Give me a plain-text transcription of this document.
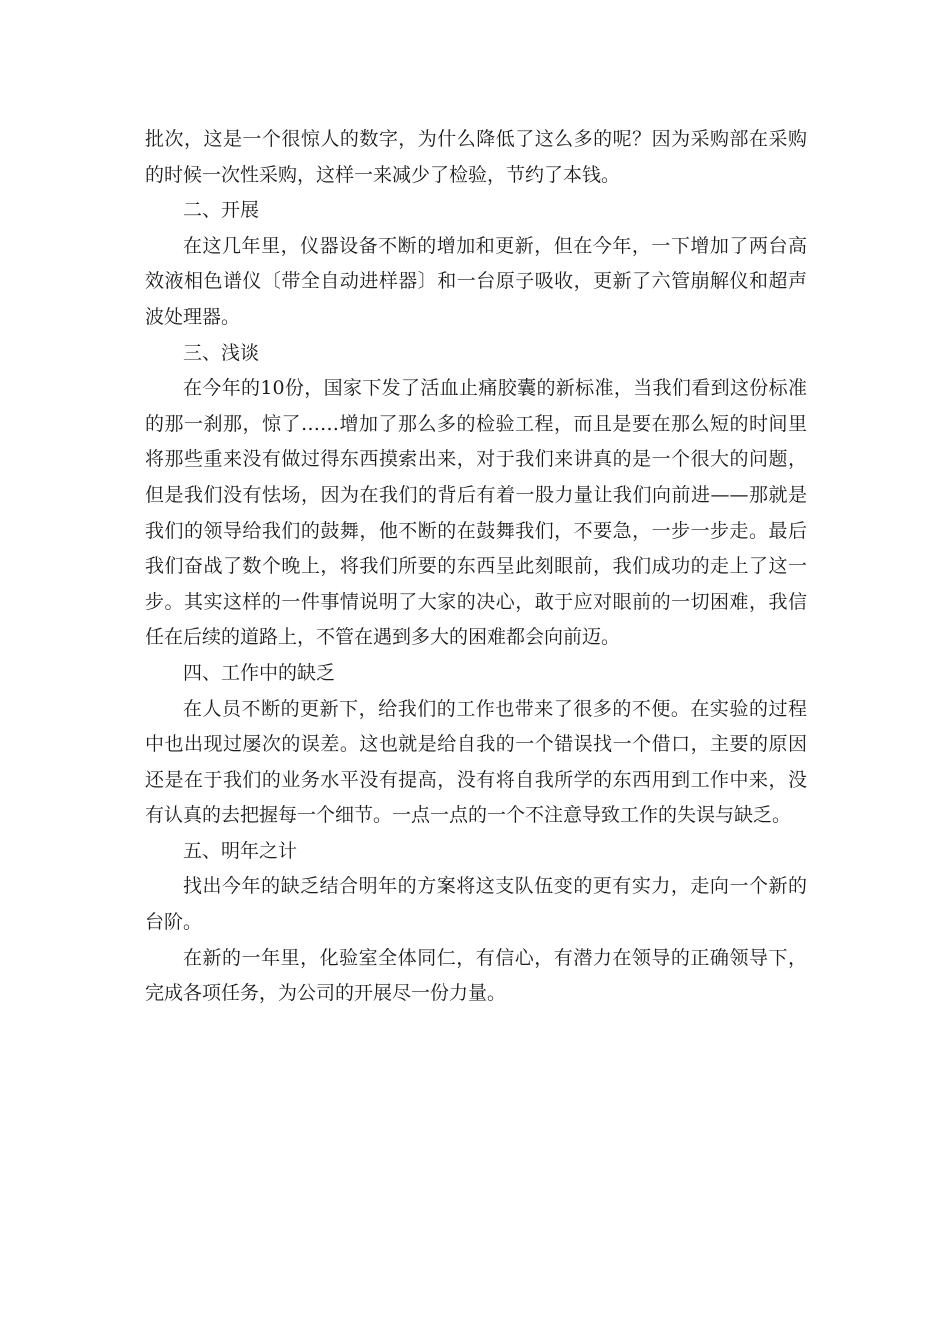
批次，这是一个很惊人的数字，为什么降低了这么多的呢？因为采购部在采购的时候一次性采购，这样一来减少了检验，节约了本钱。

二、开展

在这几年里，仪器设备不断的增加和更新，但在今年，一下增加了两台高效液相色谱仪〔带全自动进样器〕和一台原子吸收，更新了六管崩解仪和超声波处理器。

三、浅谈

在今年的10份，国家下发了活血止痛胶囊的新标准，当我们看到这份标准的那一刹那，惊了……增加了那么多的检验工程，而且是要在那么短的时间里将那些重来没有做过得东西摸索出来，对于我们来讲真的是一个很大的问题，但是我们没有怯场，因为在我们的背后有着一股力量让我们向前进——那就是我们的领导给我们的鼓舞，他不断的在鼓舞我们，不要急，一步一步走。最后我们奋战了数个晚上，将我们所要的东西呈此刻眼前，我们成功的走上了这一步。其实这样的一件事情说明了大家的决心，敢于应对眼前的一切困难，我信任在后续的道路上，不管在遇到多大的困难都会向前迈。

四、工作中的缺乏

在人员不断的更新下，给我们的工作也带来了很多的不便。在实验的过程中也出现过屡次的误差。这也就是给自我的一个错误找一个借口，主要的原因还是在于我们的业务水平没有提高，没有将自我所学的东西用到工作中来，没有认真的去把握每一个细节。一点一点的一个不注意导致工作的失误与缺乏。

五、明年之计

找出今年的缺乏结合明年的方案将这支队伍变的更有实力，走向一个新的台阶。

在新的一年里，化验室全体同仁，有信心，有潜力在领导的正确领导下，完成各项任务，为公司的开展尽一份力量。
